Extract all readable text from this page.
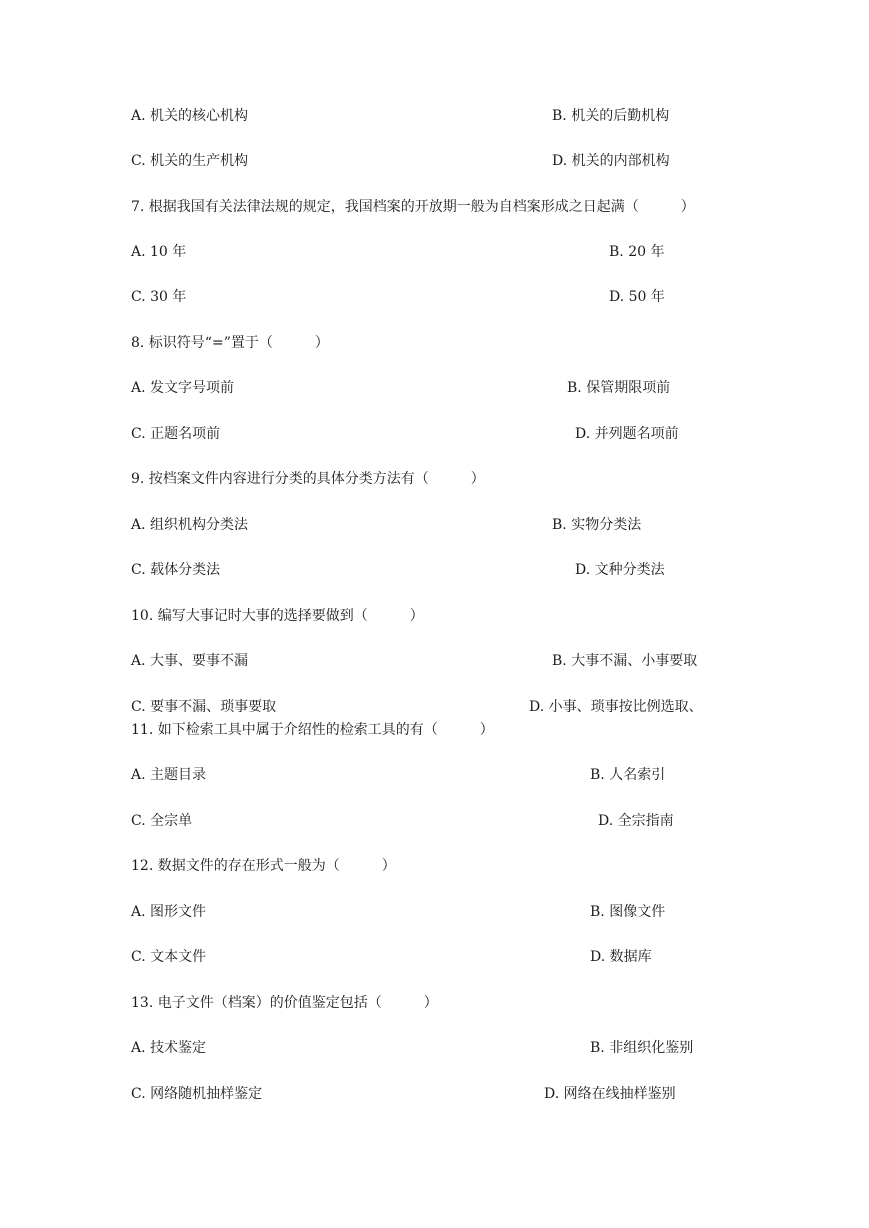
A. 机关的核心机构	B. 机关的后勤机构
C. 机关的生产机构	D. 机关的内部机构
7. 根据我国有关法律法规的规定，我国档案的开放期一般为自档案形成之日起满（　　　）
A. 10 年	B. 20 年
C. 30 年	D. 50 年
8. 标识符号“=”置于（　　　）
A. 发文字号项前	B. 保管期限项前
C. 正题名项前	D. 并列题名项前
9. 按档案文件内容进行分类的具体分类方法有（　　　）
A. 组织机构分类法	B. 实物分类法
C. 载体分类法	D. 文种分类法
10. 编写大事记时大事的选择要做到（　　　）
A. 大事、要事不漏	B. 大事不漏、小事要取
C. 要事不漏、琐事要取	D. 小事、琐事按比例选取、
11. 如下检索工具中属于介绍性的检索工具的有（　　　）
A. 主题目录	B. 人名索引
C. 全宗单	D. 全宗指南
12. 数据文件的存在形式一般为（　　　）
A. 图形文件	B. 图像文件
C. 文本文件	D. 数据库
13. 电子文件（档案）的价值鉴定包括（　　　）
A. 技术鉴定	B. 非组织化鉴别
C. 网络随机抽样鉴定	D. 网络在线抽样鉴别
